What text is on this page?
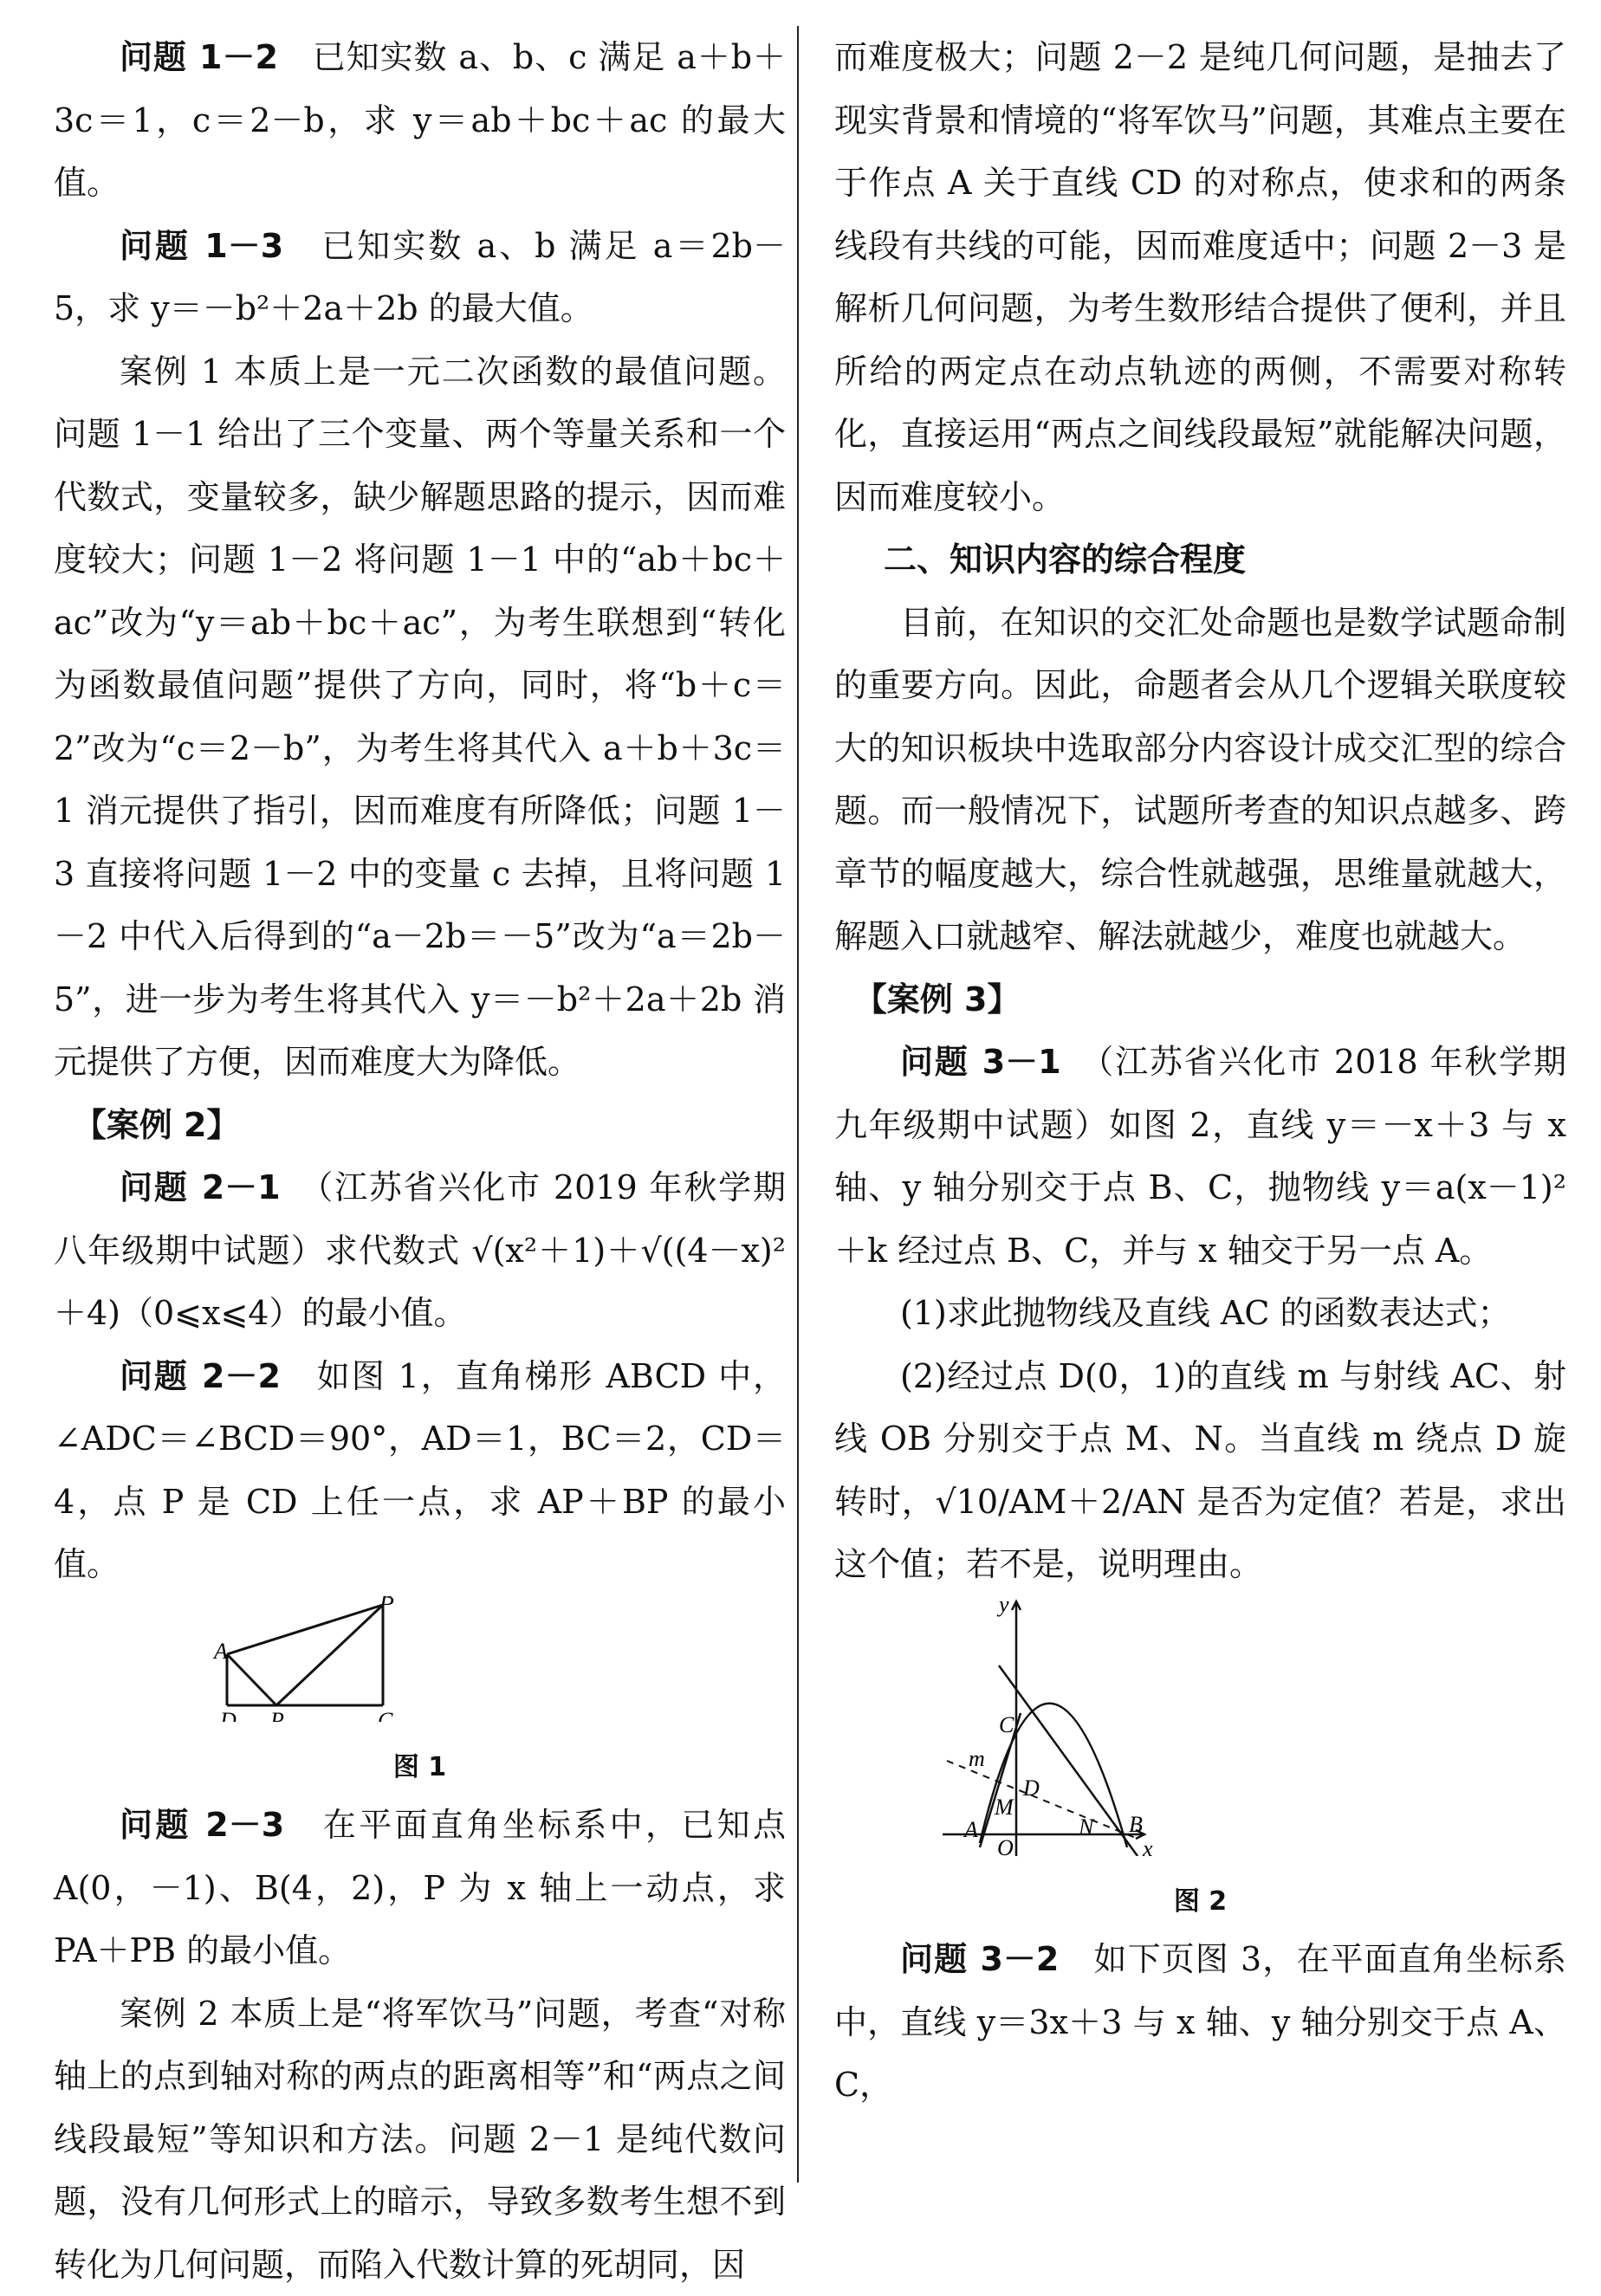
问题 1－2　已知实数 a、b、c 满足 a＋b＋3c＝1，c＝2－b，求 y＝ab＋bc＋ac 的最大值。

问题 1－3　已知实数 a、b 满足 a＝2b－5，求 y＝－b²＋2a＋2b 的最大值。

案例 1 本质上是一元二次函数的最值问题。问题 1－1 给出了三个变量、两个等量关系和一个代数式，变量较多，缺少解题思路的提示，因而难度较大；问题 1－2 将问题 1－1 中的“ab＋bc＋ac”改为“y＝ab＋bc＋ac”，为考生联想到“转化为函数最值问题”提供了方向，同时，将“b＋c＝2”改为“c＝2－b”，为考生将其代入 a＋b＋3c＝1 消元提供了指引，因而难度有所降低；问题 1－3 直接将问题 1－2 中的变量 c 去掉，且将问题 1－2 中代入后得到的“a－2b＝－5”改为“a＝2b－5”，进一步为考生将其代入 y＝－b²＋2a＋2b 消元提供了方便，因而难度大为降低。

【案例 2】

问题 2－1　（江苏省兴化市 2019 年秋学期八年级期中试题）求代数式 √(x²＋1)＋√((4－x)²＋4)（0⩽x⩽4）的最小值。

问题 2－2　如图 1，直角梯形 ABCD 中，∠ADC＝∠BCD＝90°，AD＝1，BC＝2，CD＝4，点 P 是 CD 上任一点，求 AP＋BP 的最小值。

A
B
C
D P

图 1

问题 2－3　在平面直角坐标系中，已知点 A(0，－1)、B(4，2)，P 为 x 轴上一动点，求 PA＋PB 的最小值。

案例 2 本质上是“将军饮马”问题，考查“对称轴上的点到轴对称的两点的距离相等”和“两点之间线段最短”等知识和方法。问题 2－1 是纯代数问题，没有几何形式上的暗示，导致多数考生想不到转化为几何问题，而陷入代数计算的死胡同，因

而难度极大；问题 2－2 是纯几何问题，是抽去了现实背景和情境的“将军饮马”问题，其难点主要在于作点 A 关于直线 CD 的对称点，使求和的两条线段有共线的可能，因而难度适中；问题 2－3 是解析几何问题，为考生数形结合提供了便利，并且所给的两定点在动点轨迹的两侧，不需要对称转化，直接运用“两点之间线段最短”就能解决问题，因而难度较小。

二、知识内容的综合程度

目前，在知识的交汇处命题也是数学试题命制的重要方向。因此，命题者会从几个逻辑关联度较大的知识板块中选取部分内容设计成交汇型的综合题。而一般情况下，试题所考查的知识点越多、跨章节的幅度越大，综合性就越强，思维量就越大，解题入口就越窄、解法就越少，难度也就越大。

【案例 3】

问题 3－1　（江苏省兴化市 2018 年秋学期九年级期中试题）如图 2，直线 y＝－x＋3 与 x 轴、y 轴分别交于点 B、C，抛物线 y＝a(x－1)²＋k 经过点 B、C，并与 x 轴交于另一点 A。

(1)求此抛物线及直线 AC 的函数表达式；

(2)经过点 D(0，1)的直线 m 与射线 AC、射线 OB 分别交于点 M、N。当直线 m 绕点 D 旋转时，√10/AM＋2/AN 是否为定值？若是，求出这个值；若不是，说明理由。

y
x
C
m
D
M
A
O
N B

图 2

问题 3－2　如下页图 3，在平面直角坐标系中，直线 y＝3x＋3 与 x 轴、y 轴分别交于点 A、C，
